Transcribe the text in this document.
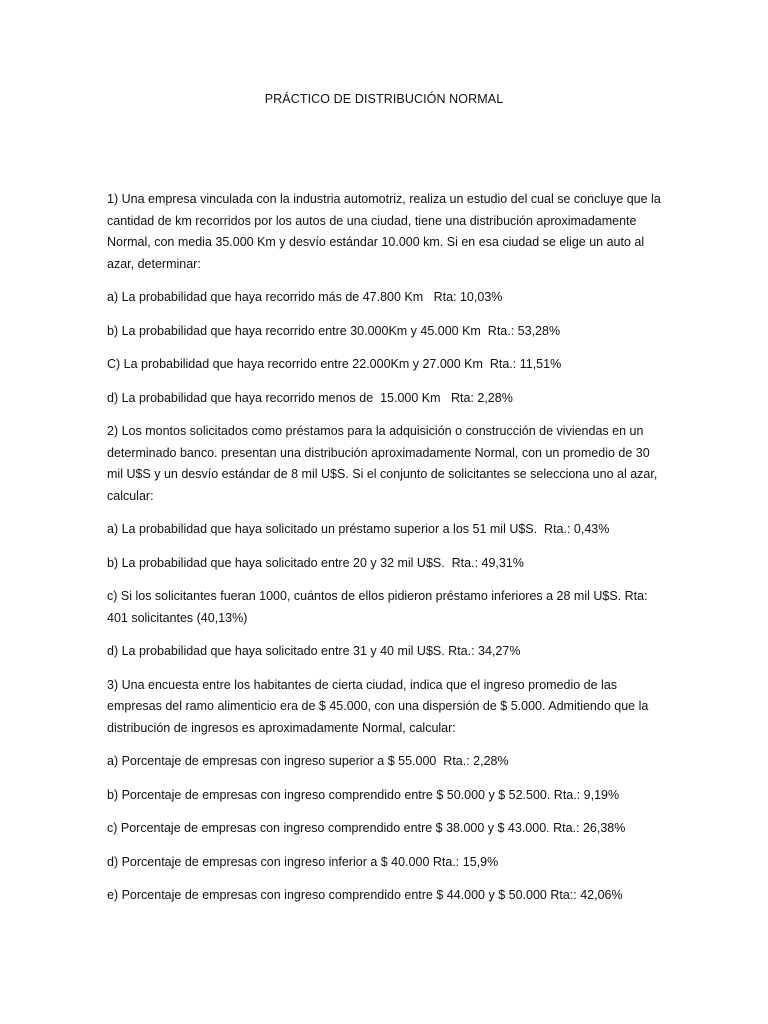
PRÁCTICO DE DISTRIBUCIÓN NORMAL

1) Una empresa vinculada con la industria automotriz, realiza un estudio del cual se concluye que la cantidad de km recorridos por los autos de una ciudad, tiene una distribución aproximadamente Normal, con media 35.000 Km y desvío estándar 10.000 km. Si en esa ciudad se elige un auto al azar, determinar:

a) La probabilidad que haya recorrido más de 47.800 Km   Rta: 10,03%

b) La probabilidad que haya recorrido entre 30.000Km y 45.000 Km  Rta.: 53,28%

C) La probabilidad que haya recorrido entre 22.000Km y 27.000 Km  Rta.: 11,51%

d) La probabilidad que haya recorrido menos de  15.000 Km   Rta: 2,28%

2) Los montos solicitados como préstamos para la adquisición o construcción de viviendas en un determinado banco. presentan una distribución aproximadamente Normal, con un promedio de 30 mil U$S y un desvío estándar de 8 mil U$S. Si el conjunto de solicitantes se selecciona uno al azar, calcular:

a) La probabilidad que haya solicitado un préstamo superior a los 51 mil U$S.  Rta.: 0,43%

b) La probabilidad que haya solicitado entre 20 y 32 mil U$S.  Rta.: 49,31%

c) Si los solicitantes fueran 1000, cuántos de ellos pidieron préstamo inferiores a 28 mil U$S. Rta: 401 solicitantes (40,13%)

d) La probabilidad que haya solicitado entre 31 y 40 mil U$S. Rta.: 34,27%

3) Una encuesta entre los habitantes de cierta ciudad, indica que el ingreso promedio de las empresas del ramo alimenticio era de $ 45.000, con una dispersión de $ 5.000. Admitiendo que la distribución de ingresos es aproximadamente Normal, calcular:

a) Porcentaje de empresas con ingreso superior a $ 55.000  Rta.: 2,28%

b) Porcentaje de empresas con ingreso comprendido entre $ 50.000 y $ 52.500. Rta.: 9,19%

c) Porcentaje de empresas con ingreso comprendido entre $ 38.000 y $ 43.000. Rta.: 26,38%

d) Porcentaje de empresas con ingreso inferior a $ 40.000 Rta.: 15,9%

e) Porcentaje de empresas con ingreso comprendido entre $ 44.000 y $ 50.000 Rta:: 42,06%
